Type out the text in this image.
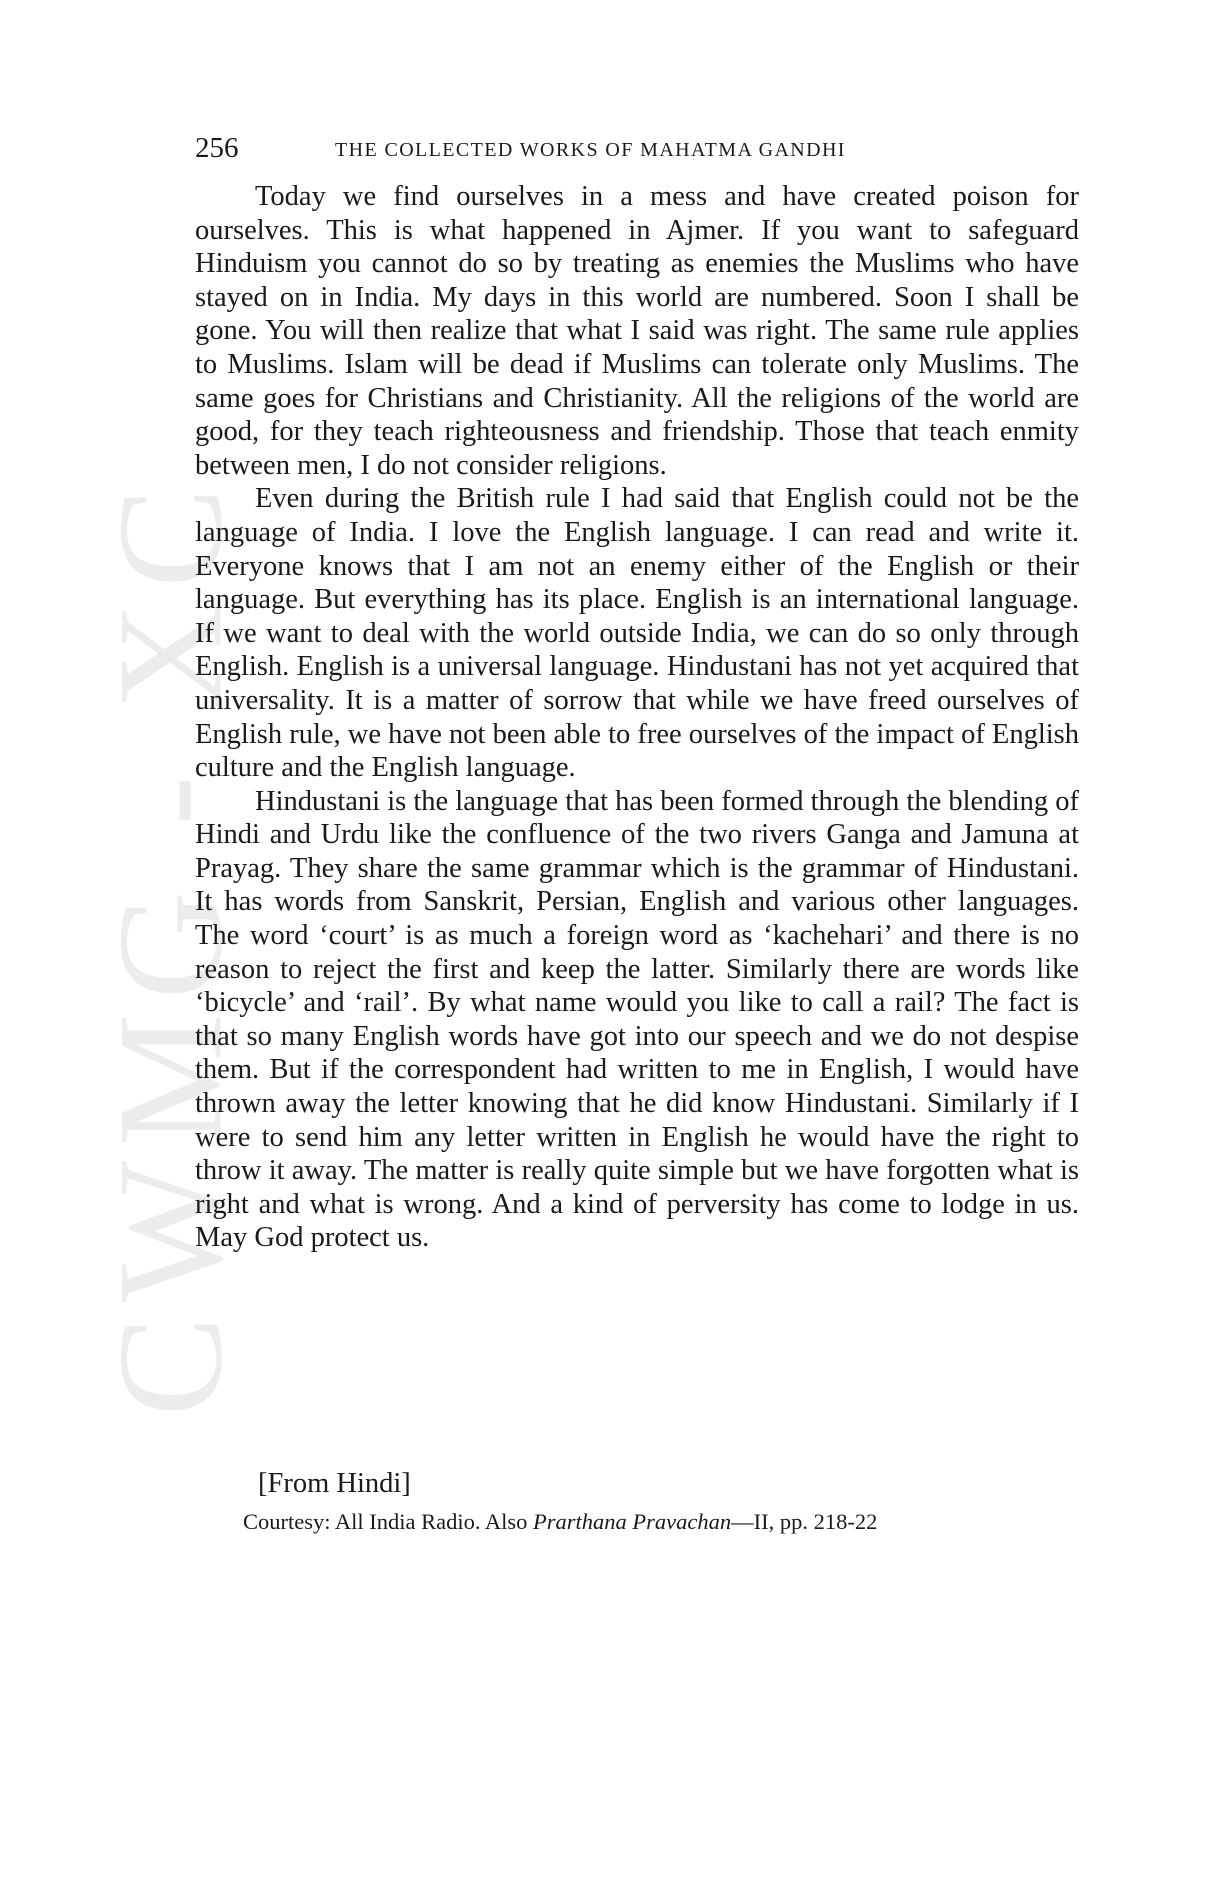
CWMG - XC
256	THE COLLECTED WORKS OF MAHATMA GANDHI

Today we find ourselves in a mess and have created poison for ourselves. This is what happened in Ajmer. If you want to safeguard Hinduism you cannot do so by treating as enemies the Muslims who have stayed on in India. My days in this world are numbered. Soon I shall be gone. You will then realize that what I said was right. The same rule applies to Muslims. Islam will be dead if Muslims can tolerate only Muslims. The same goes for Christians and Christianity. All the religions of the world are good, for they teach righteousness and friendship. Those that teach enmity between men, I do not consider religions.

Even during the British rule I had said that English could not be the language of India. I love the English language. I can read and write it. Everyone knows that I am not an enemy either of the English or their language. But everything has its place. English is an international language. If we want to deal with the world outside India, we can do so only through English. English is a universal language. Hindustani has not yet acquired that universality. It is a matter of sorrow that while we have freed ourselves of English rule, we have not been able to free ourselves of the impact of English culture and the English language.

Hindustani is the language that has been formed through the blending of Hindi and Urdu like the confluence of the two rivers Ganga and Jamuna at Prayag. They share the same grammar which is the grammar of Hindustani. It has words from Sanskrit, Persian, English and various other languages. The word ‘court’ is as much a foreign word as ‘kachehari’ and there is no reason to reject the first and keep the latter. Similarly there are words like ‘bicycle’ and ‘rail’. By what name would you like to call a rail? The fact is that so many English words have got into our speech and we do not despise them. But if the correspondent had written to me in English, I would have thrown away the letter knowing that he did know Hindustani. Similarly if I were to send him any letter written in English he would have the right to throw it away. The matter is really quite simple but we have forgotten what is right and what is wrong. And a kind of perversity has come to lodge in us. May God protect us.

[From Hindi]
Courtesy: All India Radio. Also Prarthana Pravachan—II, pp. 218-22
